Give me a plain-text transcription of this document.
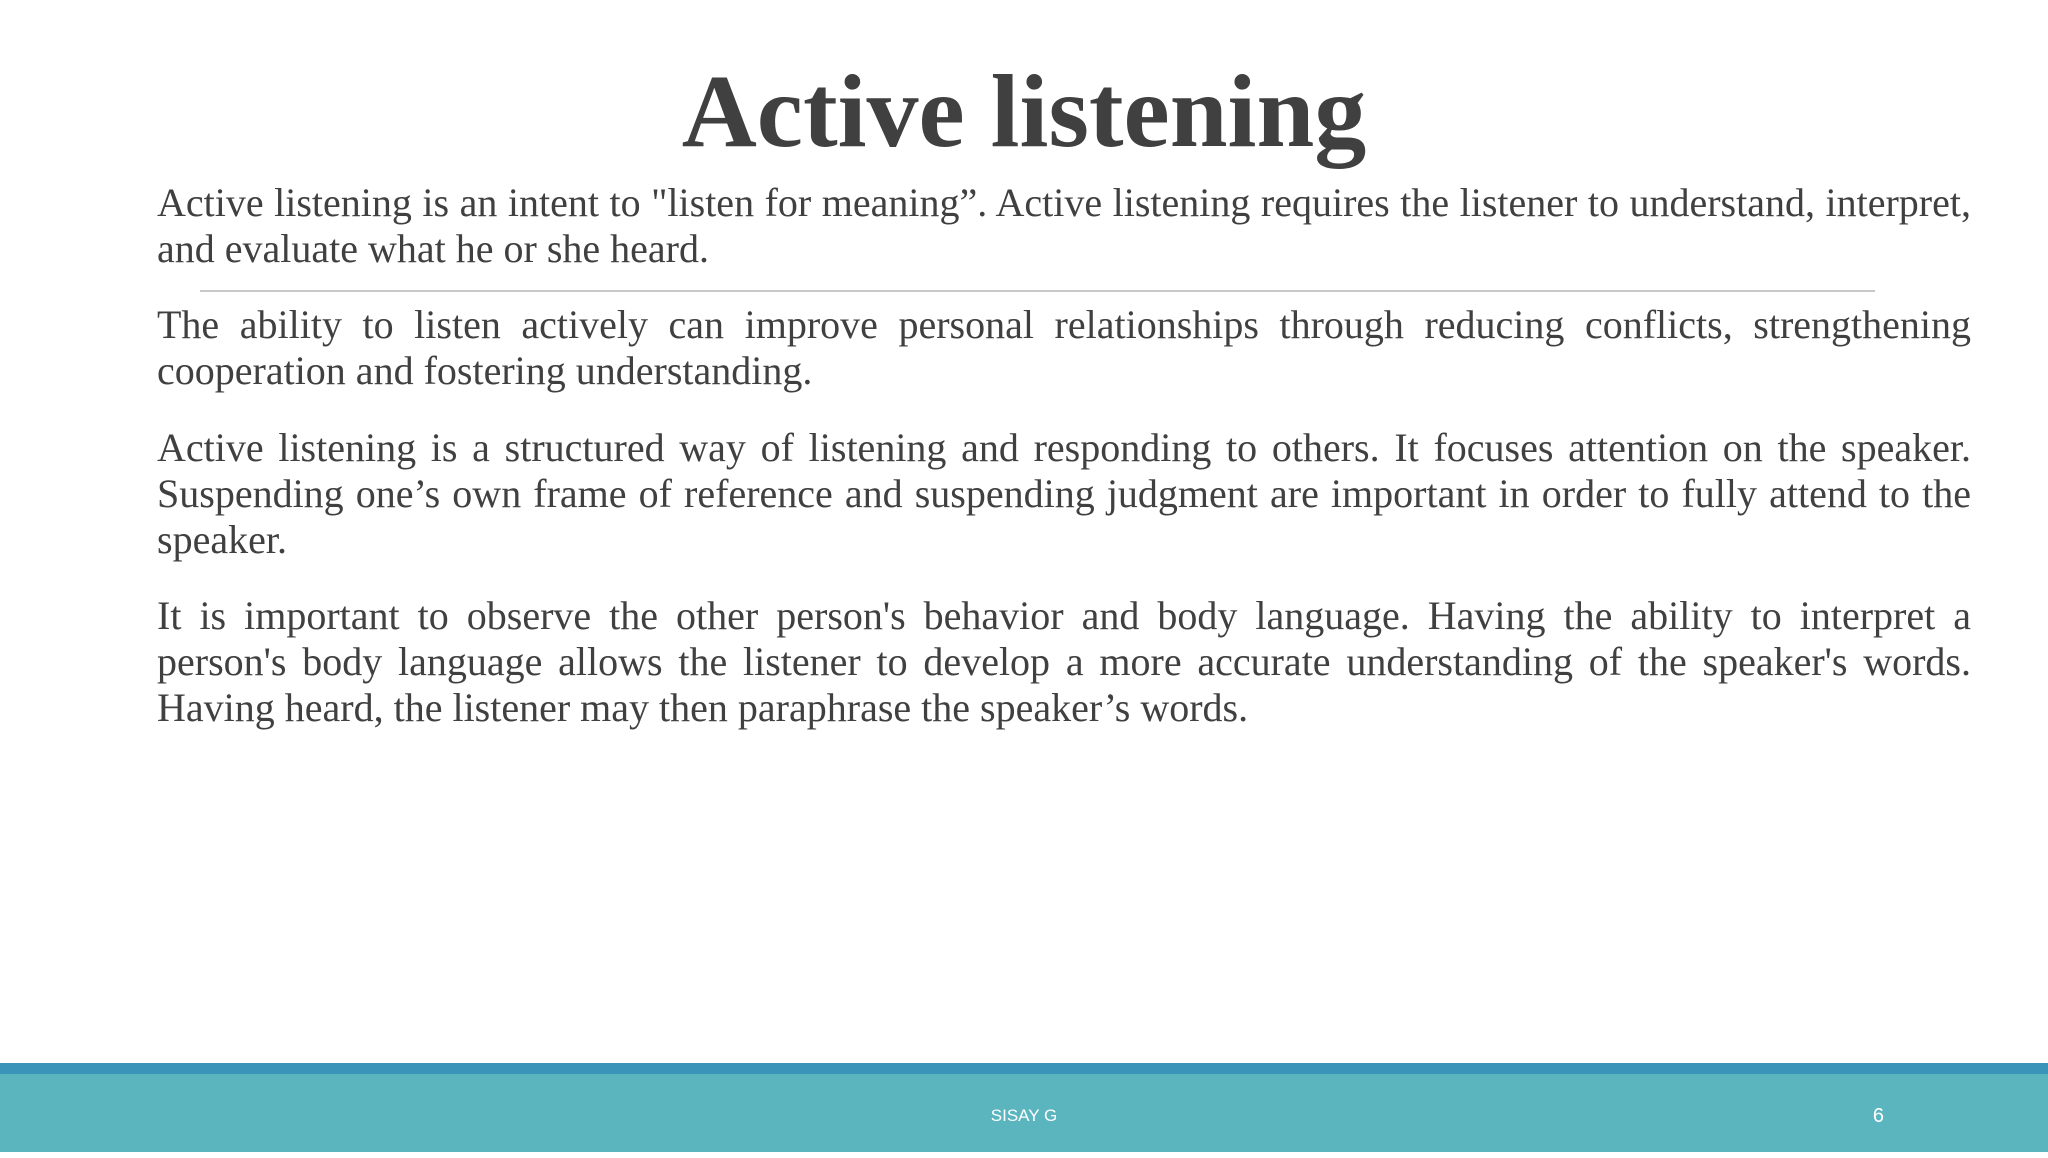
Active listening

Active listening is an intent to "listen for meaning”. Active listening requires the listener to understand, interpret, and evaluate what he or she heard.

The ability to listen actively can improve personal relationships through reducing conflicts, strengthening cooperation and fostering understanding.

Active listening is a structured way of listening and responding to others. It focuses attention on the speaker. Suspending one’s own frame of reference and suspending judgment are important in order to fully attend to the speaker.

It is important to observe the other person's behavior and body language. Having the ability to interpret a person's body language allows the listener to develop a more accurate understanding of the speaker's words. Having heard, the listener may then paraphrase the speaker’s words.

SISAY G	6
